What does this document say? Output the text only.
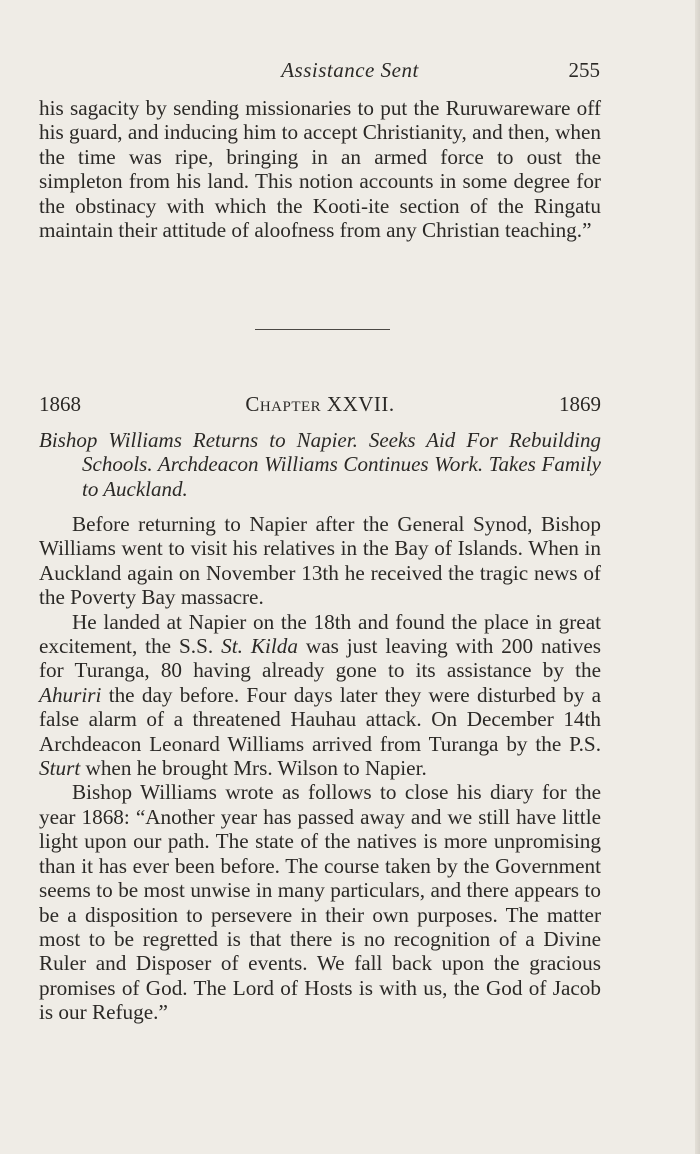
Assistance Sent	255

his sagacity by sending missionaries to put the Ruruwareware off his guard, and inducing him to accept Christianity, and then, when the time was ripe, bringing in an armed force to oust the simpleton from his land. This notion accounts in some degree for the obstinacy with which the Kooti-ite section of the Ringatu maintain their attitude of aloofness from any Christian teaching.”

1868	Chapter XXVII.	1869
Bishop Williams Returns to Napier. Seeks Aid For Rebuilding Schools. Archdeacon Williams Continues Work. Takes Family to Auckland.

Before returning to Napier after the General Synod, Bishop Williams went to visit his relatives in the Bay of Islands. When in Auckland again on November 13th he received the tragic news of the Poverty Bay massacre.

He landed at Napier on the 18th and found the place in great excitement, the S.S. St. Kilda was just leaving with 200 natives for Turanga, 80 having already gone to its assistance by the Ahuriri the day before. Four days later they were disturbed by a false alarm of a threatened Hauhau attack. On December 14th Archdeacon Leonard Williams arrived from Turanga by the P.S. Sturt when he brought Mrs. Wilson to Napier.

Bishop Williams wrote as follows to close his diary for the year 1868: “Another year has passed away and we still have little light upon our path. The state of the natives is more unpromising than it has ever been before. The course taken by the Government seems to be most unwise in many particulars, and there appears to be a disposition to persevere in their own purposes. The matter most to be regretted is that there is no recognition of a Divine Ruler and Disposer of events. We fall back upon the gracious promises of God. The Lord of Hosts is with us, the God of Jacob is our Refuge.”
